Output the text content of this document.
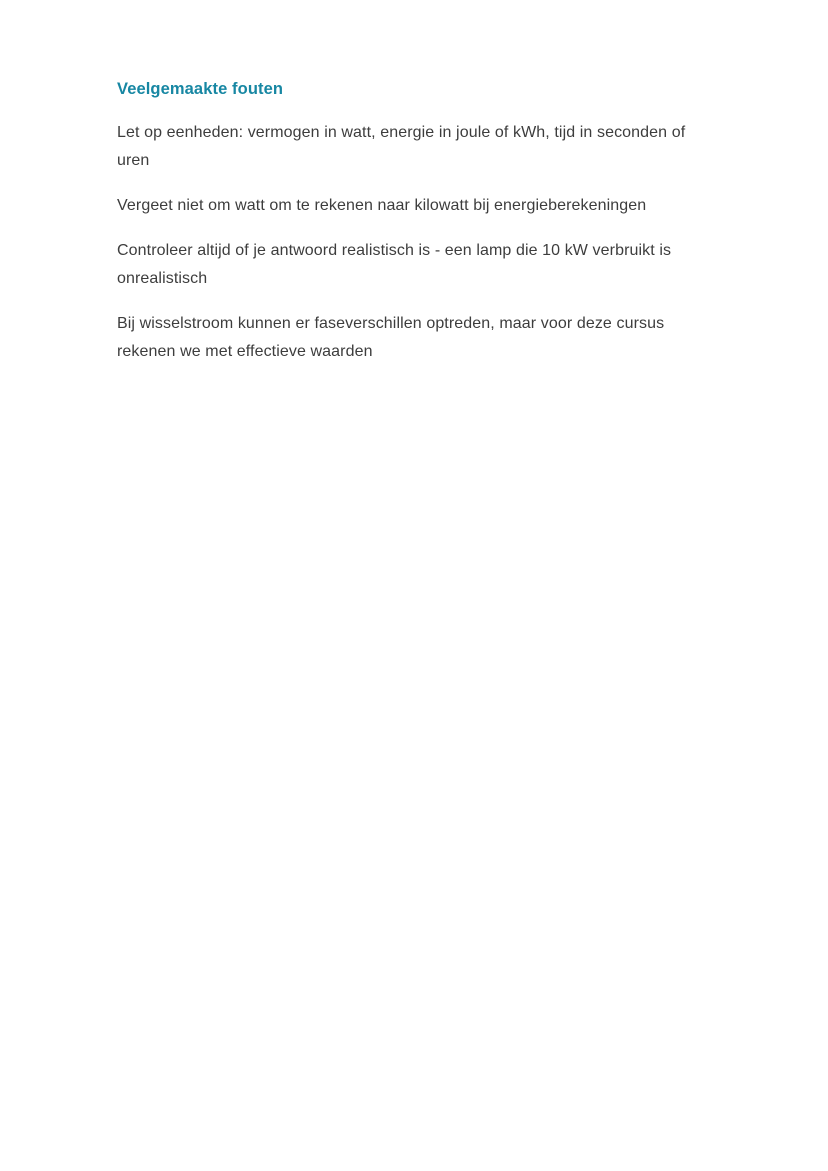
Veelgemaakte fouten
Let op eenheden: vermogen in watt, energie in joule of kWh, tijd in seconden of
uren
Vergeet niet om watt om te rekenen naar kilowatt bij energieberekeningen
Controleer altijd of je antwoord realistisch is - een lamp die 10 kW verbruikt is
onrealistisch
Bij wisselstroom kunnen er faseverschillen optreden, maar voor deze cursus
rekenen we met effectieve waarden
